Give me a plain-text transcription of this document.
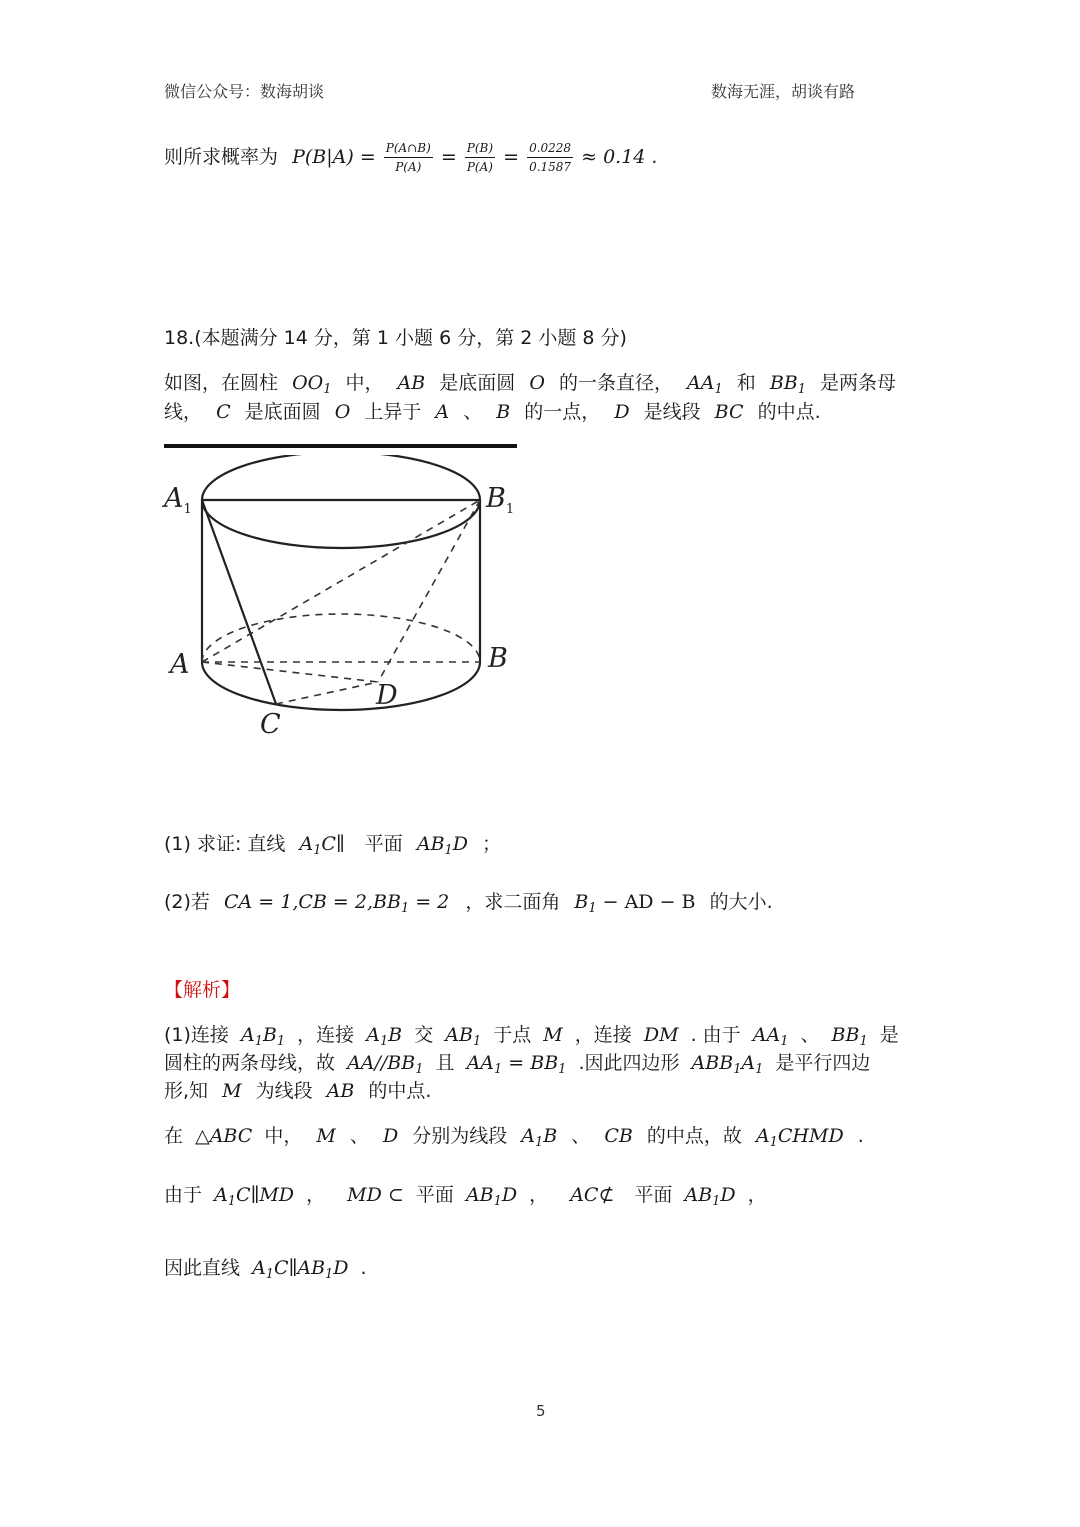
微信公众号：数海胡谈	数海无涯，胡谈有路
则所求概率为 $P(B|A) = \frac{P(A\cap B)}{P(A)} = \frac{P(B)}{P(A)} = \frac{0.0228}{0.1587} \approx 0.14$ .
18.(本题满分 14 分，第 1 小题 6 分，第 2 小题 8 分)
如图，在圆柱 $OO_1$ 中， AB 是底面圆 O 的一条直径， $AA_1$ 和 $BB_1$ 是两条母
线， C 是底面圆 O 上异于 A 、 B 的一点， D 是线段 BC 的中点.
$A_1$	$B_1$
A	B
D
C
(1) 求证: 直线 $A_1C\parallel$ 平面 $AB_1D$ ；
(2)若 CA = $1,CB = 2,BB_1 = 2$ ，求二面角 $B_1$ − AD − B 的大小.
【解析】
(1)连接 $A_1B_1$ ，连接 $A_1B$ 交 $AB_1$ 于点 M ，连接 DM . 由于 $AA_1$ 、 $BB_1$ 是
圆柱的两条母线，故 $AA//BB_1$ 且 $AA_1 = BB_1$ .因此四边形 $ABB_1A_1$ 是平行四边
形,知 M 为线段 AB 的中点.
在 △ABC 中， M 、 D 分别为线段 $A_1B$ 、 CB 的中点，故 $A_1CHMD$ .
由于 $A_1C\parallel MD$ ， MD ⊂ 平面 $AB_1D$ ， AC⊄ 平面 $AB_1D$ ，
因此直线 $A_1C\parallel AB_1D$ .
5
